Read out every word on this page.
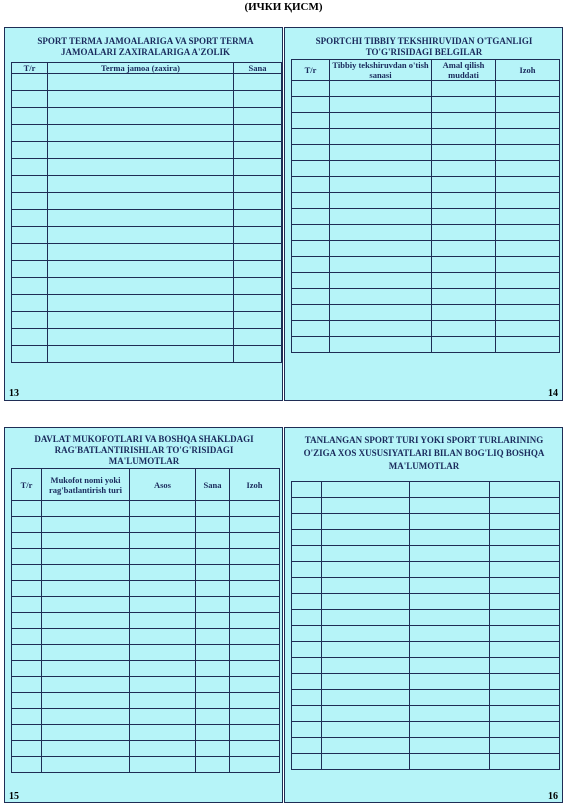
(ИЧКИ ҚИСМ)
SPORT TERMA JAMOALARIGA VA SPORT TERMA JAMOALARI ZAXIRALARIGA A'ZOLIK
T/r	Terma jamoa (zaxira)	Sana

13
SPORTCHI TIBBIY TEKSHIRUVIDAN O'TGANLIGI TO'G'RISIDAGI BELGILAR
T/r	Tibbiy tekshiruvdan o'tish sanasi	Amal qilish muddati	Izoh

14
DAVLAT MUKOFOTLARI VA BOSHQA SHAKLDAGI RAG'BATLANTIRISHLAR TO'G'RISIDAGI MA'LUMOTLAR
T/r	Mukofot nomi yoki rag'batlantirish turi	Asos	Sana	Izoh

15
TANLANGAN SPORT TURI YOKI SPORT TURLARINING O'ZIGA XOS XUSUSIYATLARI BILAN BOG'LIQ BOSHQA MA'LUMOTLAR

16
